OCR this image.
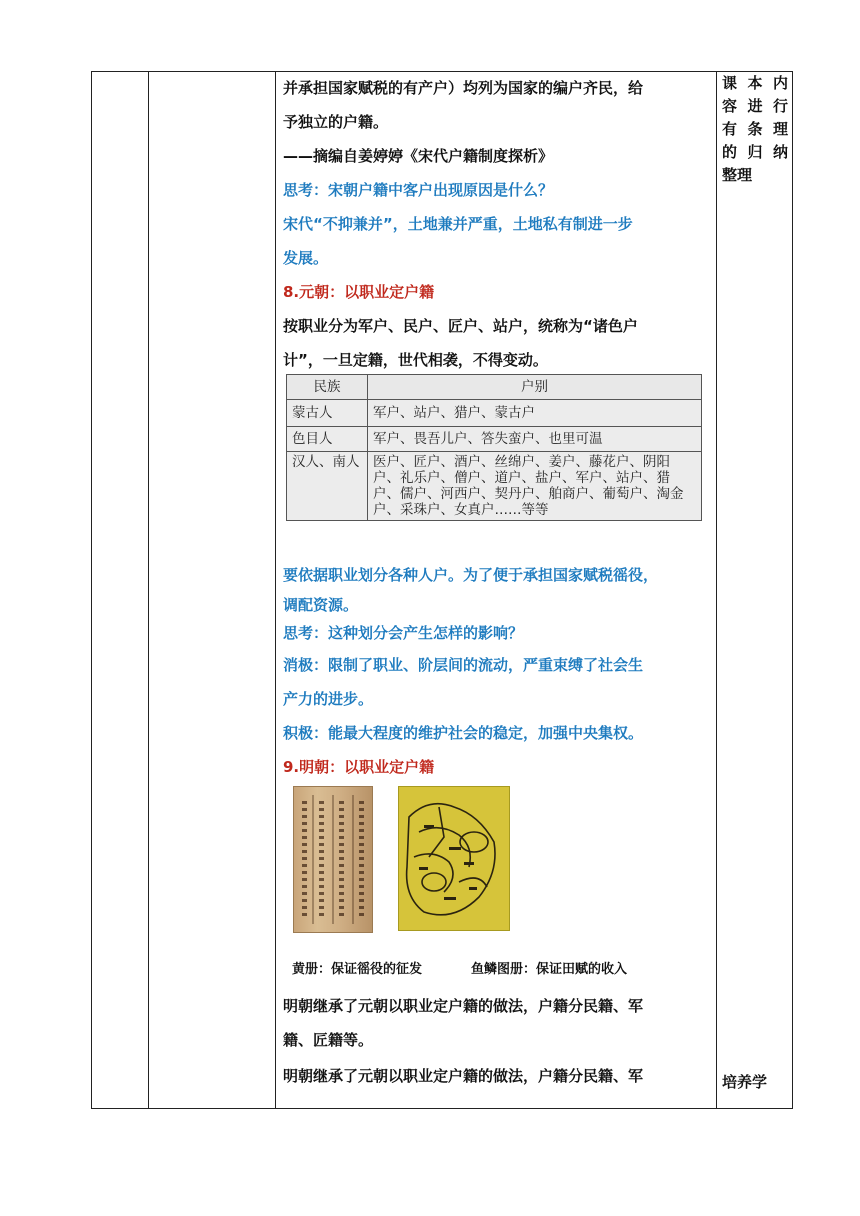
并承担国家赋税的有产户）均列为国家的编户齐民，给
予独立的户籍。
——摘编自姜婷婷《宋代户籍制度探析》
思考：宋朝户籍中客户出现原因是什么？
宋代“不抑兼并”，土地兼并严重，土地私有制进一步
发展。
8.元朝：以职业定户籍
按职业分为军户、民户、匠户、站户，统称为“诸色户
计”，一旦定籍，世代相袭，不得变动。
要依据职业划分各种人户。为了便于承担国家赋税徭役，
调配资源。
思考：这种划分会产生怎样的影响？
消极：限制了职业、阶层间的流动，严重束缚了社会生
产力的进步。
积极：能最大程度的维护社会的稳定，加强中央集权。
9.明朝：以职业定户籍
明朝继承了元朝以职业定户籍的做法，户籍分民籍、军
籍、匠籍等。
明朝继承了元朝以职业定户籍的做法，户籍分民籍、军
民族	户别
蒙古人	军户、站户、猎户、蒙古户
色目人	军户、畏吾儿户、答失蛮户、也里可温
汉人、南人	医户、匠户、酒户、丝绵户、姜户、藤花户、阴阳户、礼乐户、僧户、道户、盐户、军户、站户、猎户、儒户、河西户、契丹户、舶商户、葡萄户、淘金户、采珠户、女真户……等等
黄册：保证徭役的征发	鱼鳞图册：保证田赋的收入
课本内
容进行
有条理
的归纳
整理
培养学
